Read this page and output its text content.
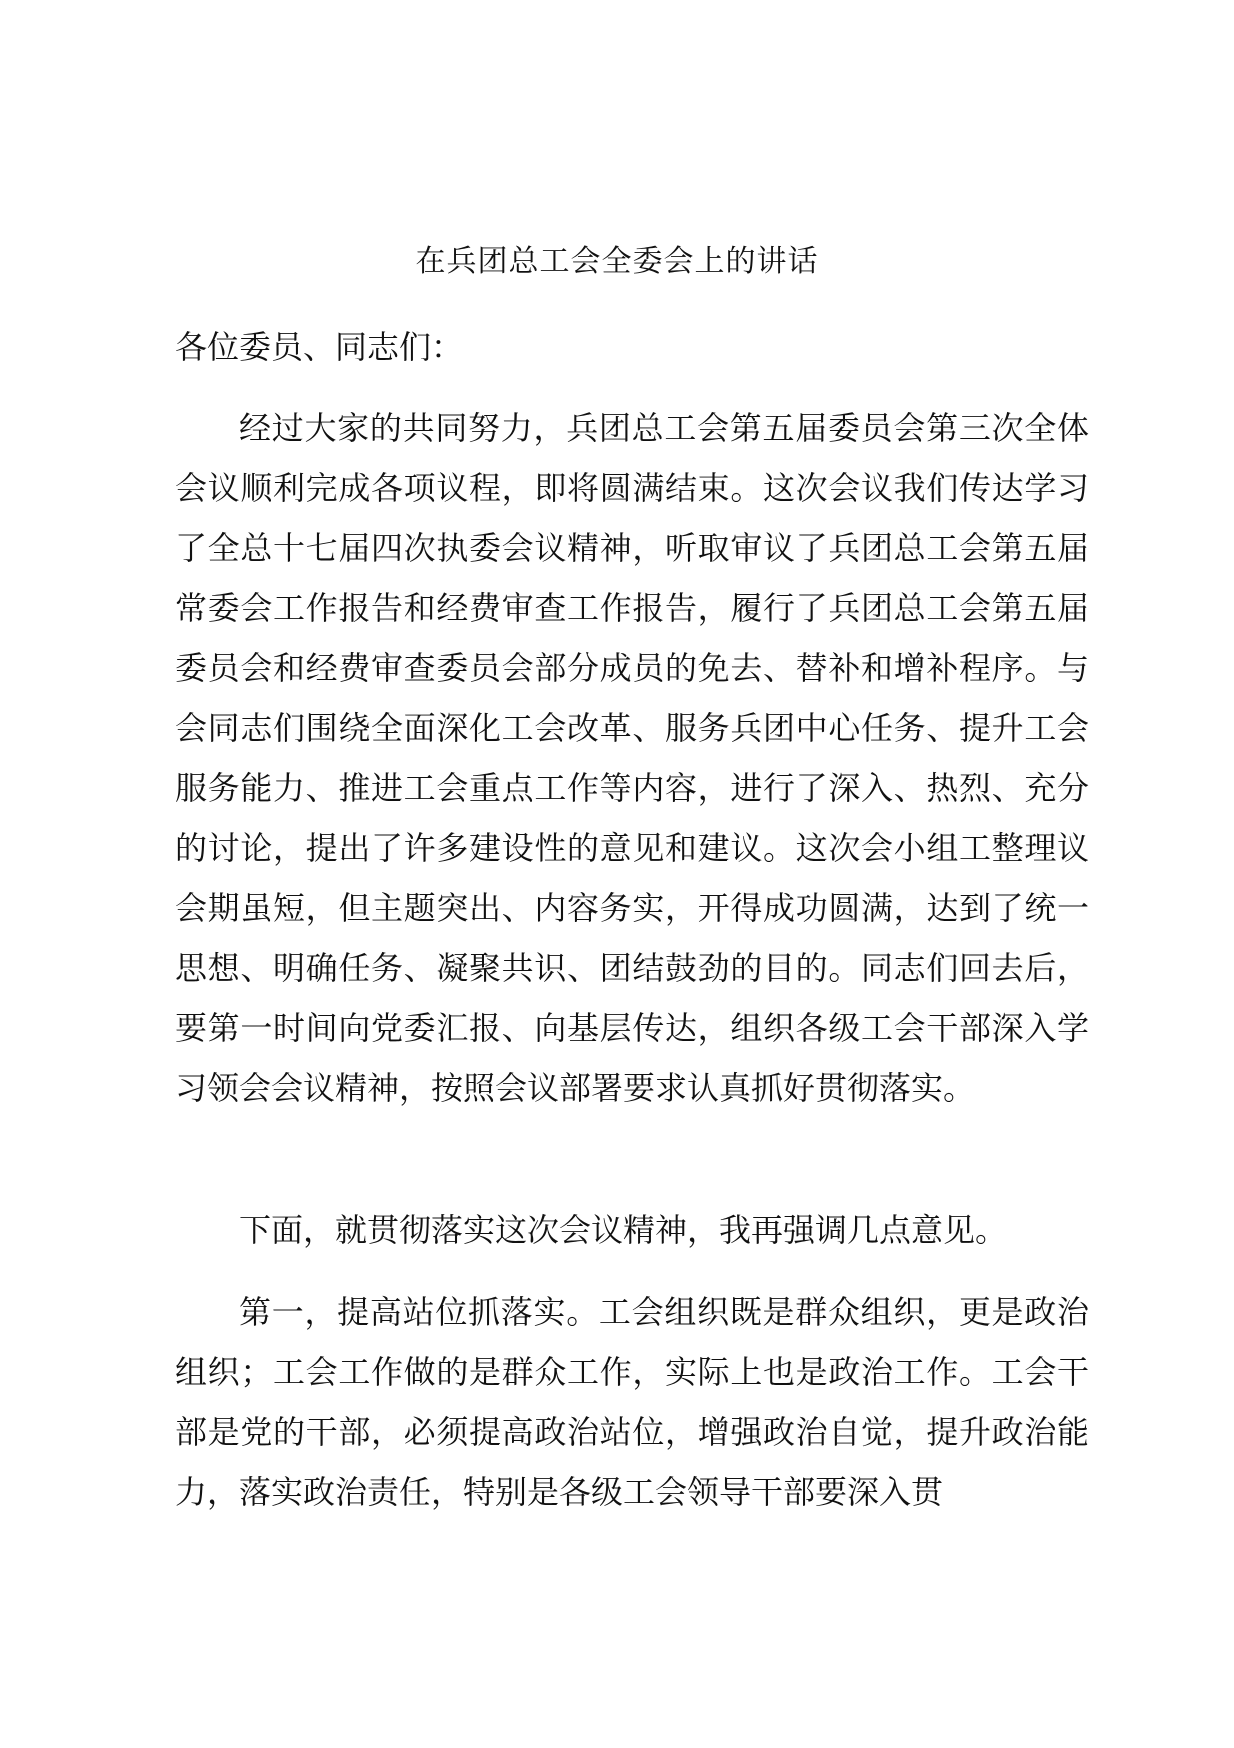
在兵团总工会全委会上的讲话

各位委员、同志们：

经过大家的共同努力，兵团总工会第五届委员会第三次全体会议顺利完成各项议程，即将圆满结束。这次会议我们传达学习了全总十七届四次执委会议精神，听取审议了兵团总工会第五届常委会工作报告和经费审查工作报告，履行了兵团总工会第五届委员会和经费审查委员会部分成员的免去、替补和增补程序。与会同志们围绕全面深化工会改革、服务兵团中心任务、提升工会服务能力、推进工会重点工作等内容，进行了深入、热烈、充分的讨论，提出了许多建设性的意见和建议。这次会小组工整理议会期虽短，但主题突出、内容务实，开得成功圆满，达到了统一思想、明确任务、凝聚共识、团结鼓劲的目的。同志们回去后，要第一时间向党委汇报、向基层传达，组织各级工会干部深入学习领会会议精神，按照会议部署要求认真抓好贯彻落实。

下面，就贯彻落实这次会议精神，我再强调几点意见。

第一，提高站位抓落实。工会组织既是群众组织，更是政治组织；工会工作做的是群众工作，实际上也是政治工作。工会干部是党的干部，必须提高政治站位，增强政治自觉，提升政治能力，落实政治责任，特别是各级工会领导干部要深入贯
